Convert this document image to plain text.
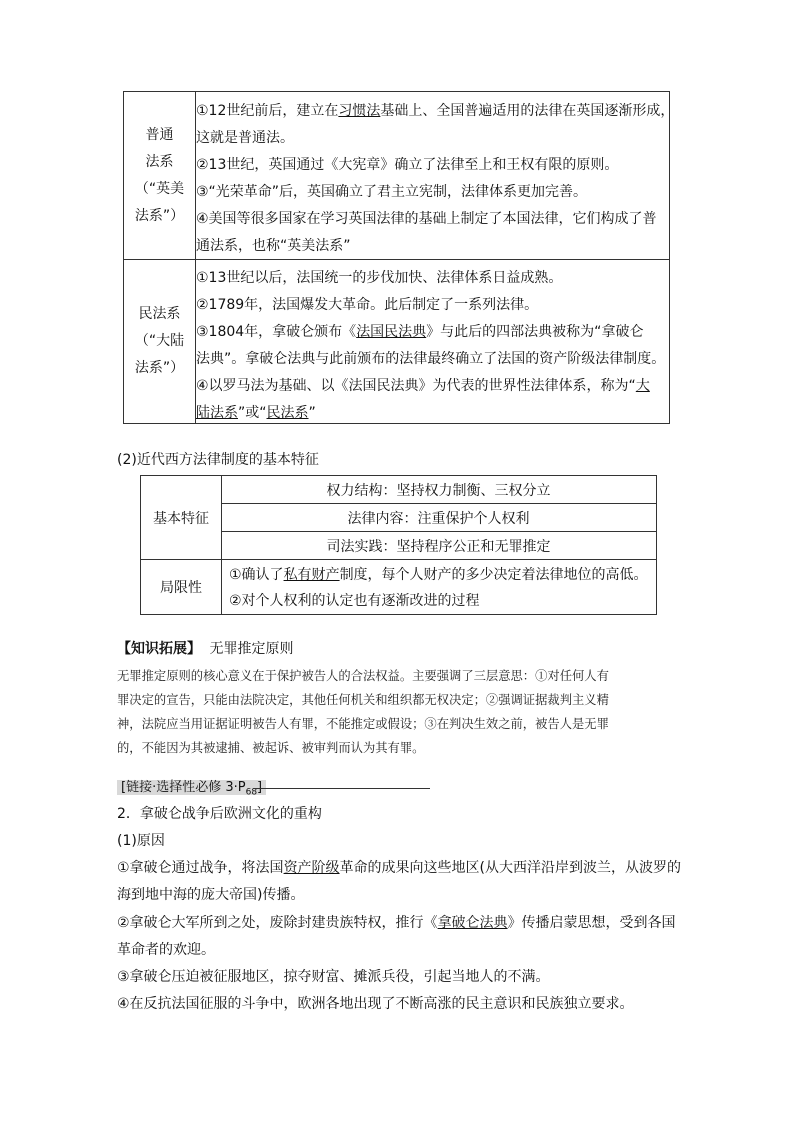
普通
法系
（“英美
法系”）

①12世纪前后，建立在习惯法基础上、全国普遍适用的法律在英国逐渐形成，

这就是普通法。

②13世纪，英国通过《大宪章》确立了法律至上和王权有限的原则。

③“光荣革命”后，英国确立了君主立宪制，法律体系更加完善。

④美国等很多国家在学习英国法律的基础上制定了本国法律，它们构成了普

通法系，也称“英美法系”

民法系
（“大陆
法系”）

①13世纪以后，法国统一的步伐加快、法律体系日益成熟。

②1789年，法国爆发大革命。此后制定了一系列法律。

③1804年，拿破仑颁布《法国民法典》与此后的四部法典被称为“拿破仑

法典”。拿破仑法典与此前颁布的法律最终确立了法国的资产阶级法律制度。

④以罗马法为基础、以《法国民法典》为代表的世界性法律体系，称为“大

陆法系”或“民法系”

(2)近代西方法律制度的基本特征
基本特征
权力结构：坚持权力制衡、三权分立
法律内容：注重保护个人权利
司法实践：坚持程序公正和无罪推定
局限性

①确认了私有财产制度，每个人财产的多少决定着法律地位的高低。

②对个人权利的认定也有逐渐改进的过程

【知识拓展】 无罪推定原则
无罪推定原则的核心意义在于保护被告人的合法权益。主要强调了三层意思：①对任何人有
罪决定的宣告，只能由法院决定，其他任何机关和组织都无权决定；②强调证据裁判主义精
神，法院应当用证据证明被告人有罪，不能推定或假设；③在判决生效之前，被告人是无罪
的，不能因为其被逮捕、被起诉、被审判而认为其有罪。
[链接·选择性必修 $3\cdot P_{68}$]
2．拿破仑战争后欧洲文化的重构
(1)原因
①拿破仑通过战争，将法国资产阶级革命的成果向这些地区(从大西洋沿岸到波兰，从波罗的
海到地中海的庞大帝国)传播。
②拿破仑大军所到之处，废除封建贵族特权，推行《拿破仑法典》传播启蒙思想，受到各国
革命者的欢迎。
③拿破仑压迫被征服地区，掠夺财富、摊派兵役，引起当地人的不满。
④在反抗法国征服的斗争中，欧洲各地出现了不断高涨的民主意识和民族独立要求。
